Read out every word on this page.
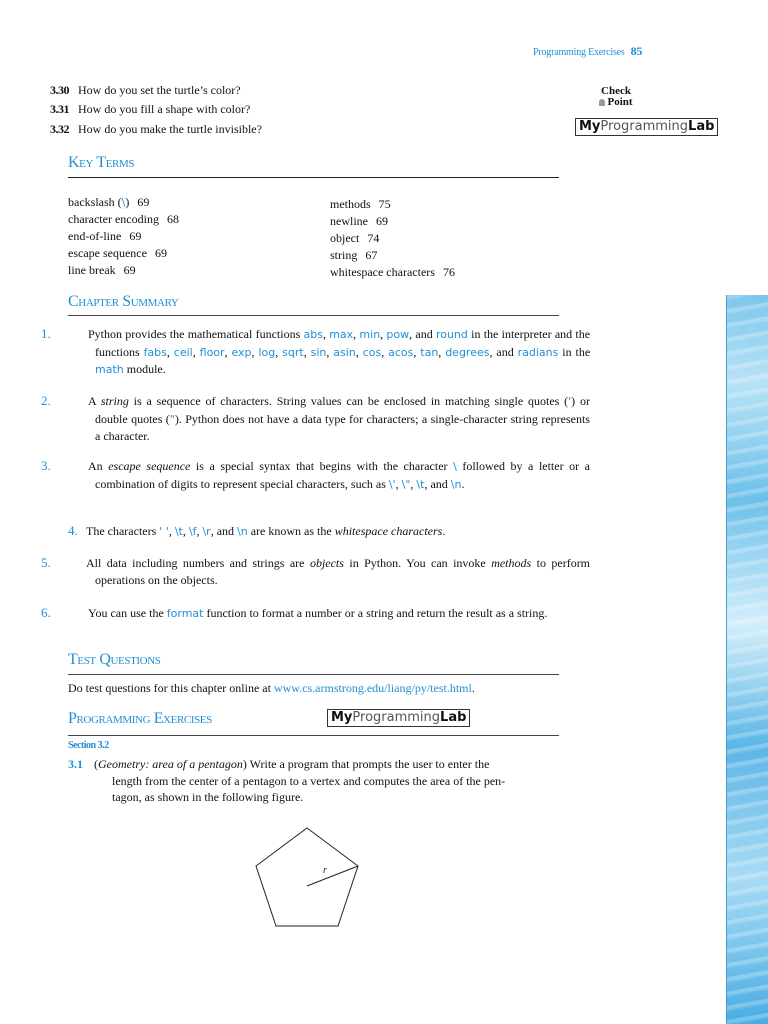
Programming Exercises 85
3.30 How do you set the turtle’s color?
3.31 How do you fill a shape with color?
3.32 How do you make the turtle invisible?
Check
Point
MyProgrammingLab
Key Terms
backslash (\) 69
character encoding 68
end-of-line 69
escape sequence 69
line break 69
methods 75
newline 69
object 74
string 67
whitespace characters 76
Chapter Summary
1.	Python provides the mathematical functions abs, max, min, pow, and round in the interpreter and the functions fabs, ceil, floor, exp, log, sqrt, sin, asin, cos, acos, tan, degrees, and radians in the math module.
2.	A string is a sequence of characters. String values can be enclosed in matching single quotes (') or double quotes ("). Python does not have a data type for characters; a single-character string represents a character.
3.	An escape sequence is a special syntax that begins with the character \ followed by a letter or a combination of digits to represent special characters, such as \', \", \t, and \n.
4. The characters ' ', \t, \f, \r, and \n are known as the whitespace characters.
5.	All data including numbers and strings are objects in Python. You can invoke methods to perform operations on the objects.
6.	You can use the format function to format a number or a string and return the result as a string.
Test Questions
Do test questions for this chapter online at www.cs.armstrong.edu/liang/py/test.html.
Programming Exercises	MyProgrammingLab
Section 3.2
3.1 (Geometry: area of a pentagon) Write a program that prompts the user to enter the
length from the center of a pentagon to a vertex and computes the area of the pen-
tagon, as shown in the following figure.
r
